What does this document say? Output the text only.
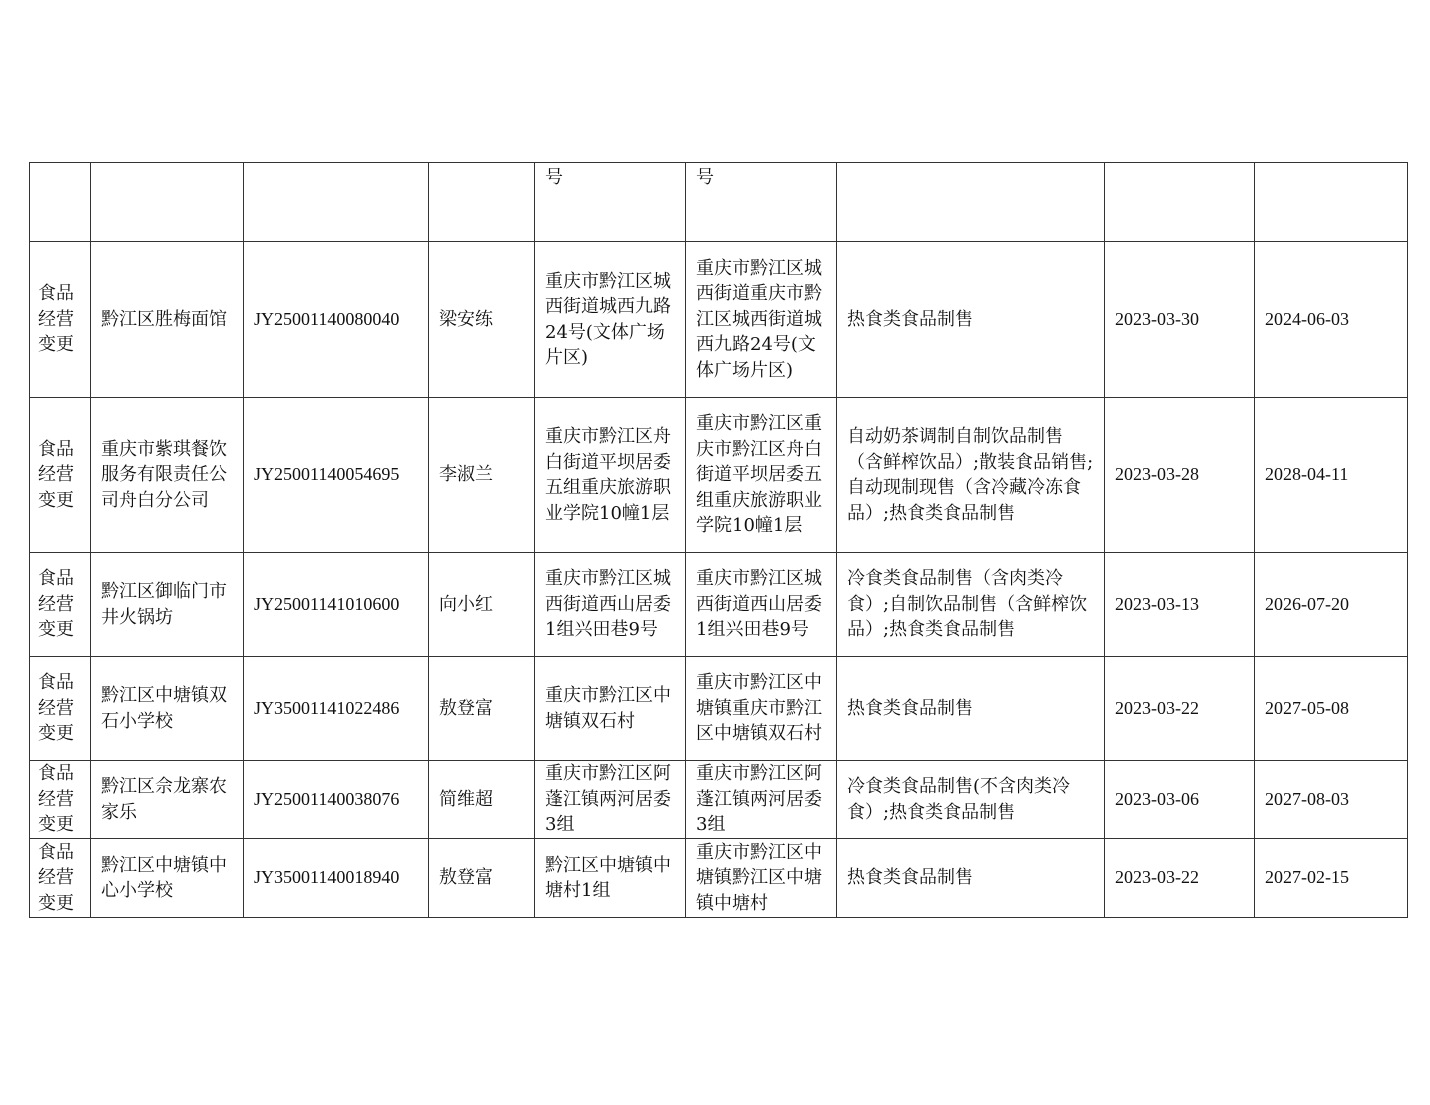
				号	号			
食品经营变更	黔江区胜梅面馆	JY25001140080040	梁安练	重庆市黔江区城西街道城西九路24号(文体广场片区)	重庆市黔江区城西街道重庆市黔江区城西街道城西九路24号(文体广场片区)	热食类食品制售	2023-03-30	2024-06-03
食品经营变更	重庆市紫琪餐饮服务有限责任公司舟白分公司	JY25001140054695	李淑兰	重庆市黔江区舟白街道平坝居委五组重庆旅游职业学院10幢1层	重庆市黔江区重庆市黔江区舟白街道平坝居委五组重庆旅游职业学院10幢1层	自动奶茶调制自制饮品制售（含鲜榨饮品）;散装食品销售;自动现制现售（含冷藏冷冻食品）;热食类食品制售	2023-03-28	2028-04-11
食品经营变更	黔江区御临门市井火锅坊	JY25001141010600	向小红	重庆市黔江区城西街道西山居委1组兴田巷9号	重庆市黔江区城西街道西山居委1组兴田巷9号	冷食类食品制售（含肉类冷食）;自制饮品制售（含鲜榨饮品）;热食类食品制售	2023-03-13	2026-07-20
食品经营变更	黔江区中塘镇双石小学校	JY35001141022486	敖登富	重庆市黔江区中塘镇双石村	重庆市黔江区中塘镇重庆市黔江区中塘镇双石村	热食类食品制售	2023-03-22	2027-05-08
食品经营变更	黔江区佘龙寨农家乐	JY25001140038076	简维超	重庆市黔江区阿蓬江镇两河居委3组	重庆市黔江区阿蓬江镇两河居委3组	冷食类食品制售(不含肉类冷食）;热食类食品制售	2023-03-06	2027-08-03
食品经营变更	黔江区中塘镇中心小学校	JY35001140018940	敖登富	黔江区中塘镇中塘村1组	重庆市黔江区中塘镇黔江区中塘镇中塘村	热食类食品制售	2023-03-22	2027-02-15
